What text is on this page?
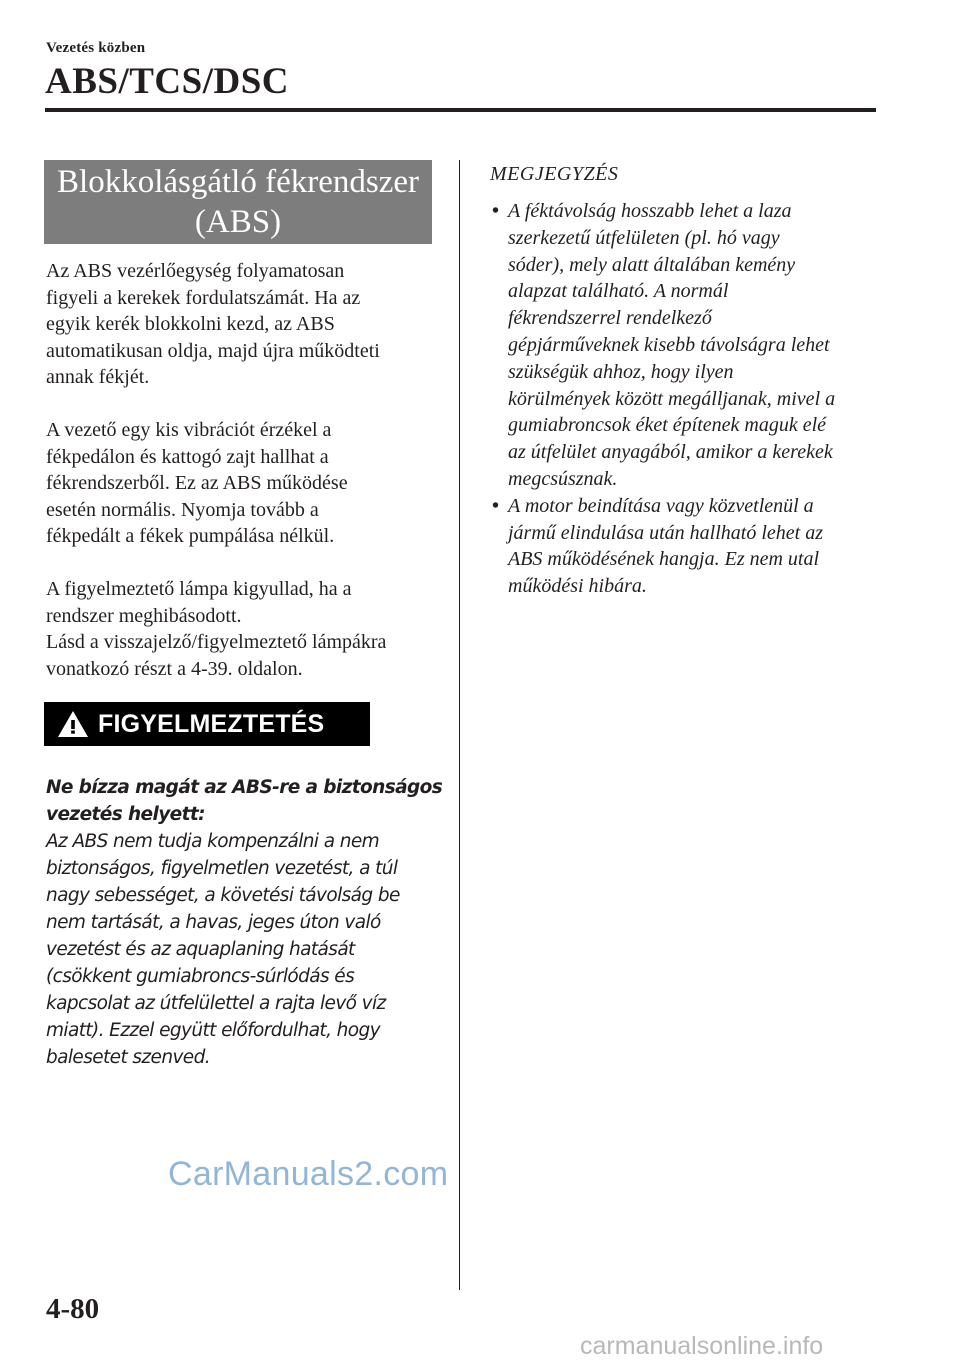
Vezetés közben
ABS/TCS/DSC
Blokkolásgátló fékrendszer
(ABS)

Az ABS vezérlőegység folyamatosan
figyeli a kerekek fordulatszámát. Ha az
egyik kerék blokkolni kezd, az ABS
automatikusan oldja, majd újra működteti
annak fékjét.

A vezető egy kis vibrációt érzékel a
fékpedálon és kattogó zajt hallhat a
fékrendszerből. Ez az ABS működése
esetén normális. Nyomja tovább a
fékpedált a fékek pumpálása nélkül.

A figyelmeztető lámpa kigyullad, ha a
rendszer meghibásodott.
Lásd a visszajelző/figyelmeztető lámpákra
vonatkozó részt a 4-39. oldalon.

FIGYELMEZTETÉS
Ne bízza magát az ABS-re a biztonságos
vezetés helyett:
Az ABS nem tudja kompenzálni a nem
biztonságos, figyelmetlen vezetést, a túl
nagy sebességet, a követési távolság be
nem tartását, a havas, jeges úton való
vezetést és az aquaplaning hatását
(csökkent gumiabroncs-súrlódás és
kapcsolat az útfelülettel a rajta levő víz
miatt). Ezzel együtt előfordulhat, hogy
balesetet szenved.
MEGJEGYZÉS
• A féktávolság hosszabb lehet a laza
szerkezetű útfelületen (pl. hó vagy
sóder), mely alatt általában kemény
alapzat található. A normál
fékrendszerrel rendelkező
gépjárműveknek kisebb távolságra lehet
szükségük ahhoz, hogy ilyen
körülmények között megálljanak, mivel a
gumiabroncsok éket építenek maguk elé
az útfelület anyagából, amikor a kerekek
megcsúsznak.
• A motor beindítása vagy közvetlenül a
jármű elindulása után hallható lehet az
ABS működésének hangja. Ez nem utal
működési hibára.
CarManuals2.com
4-80
carmanualsonline.info
